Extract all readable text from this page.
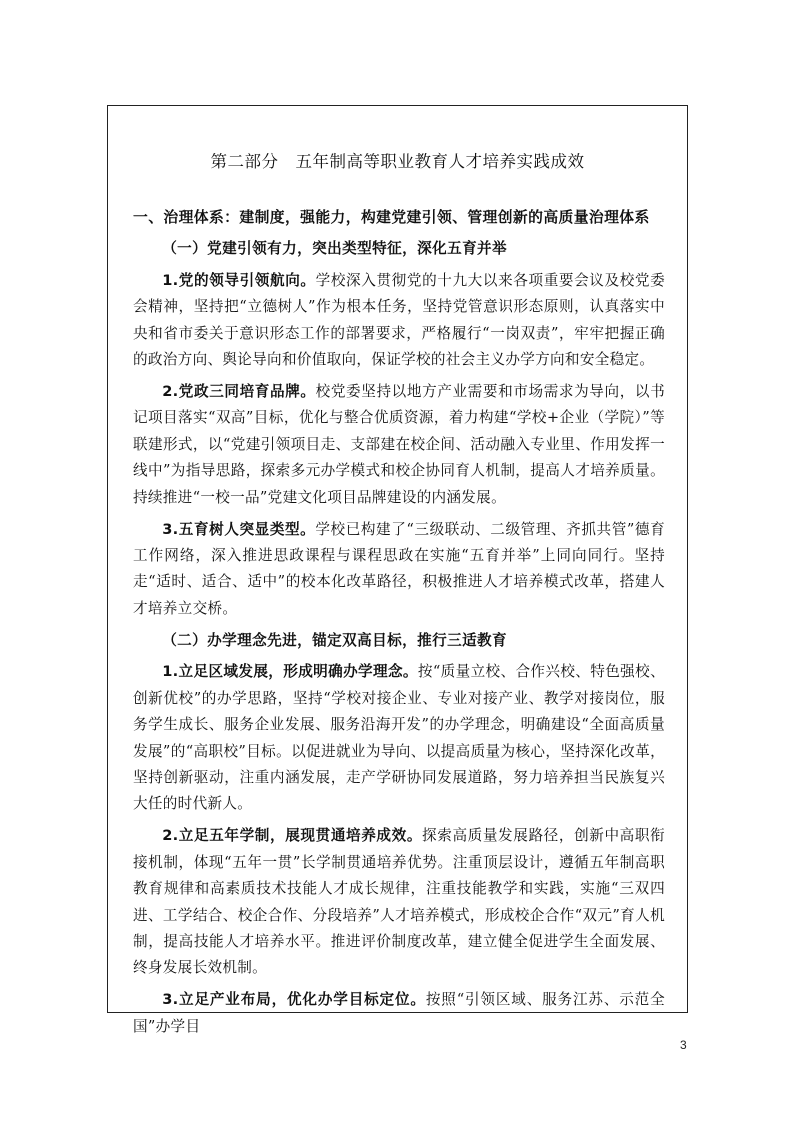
第二部分　五年制高等职业教育人才培养实践成效
一、治理体系：建制度，强能力，构建党建引领、管理创新的高质量治理体系
（一）党建引领有力，突出类型特征，深化五育并举

1.党的领导引领航向。学校深入贯彻党的十九大以来各项重要会议及校党委会精神，坚持把“立德树人”作为根本任务，坚持党管意识形态原则，认真落实中央和省市委关于意识形态工作的部署要求，严格履行“一岗双责”，牢牢把握正确的政治方向、舆论导向和价值取向，保证学校的社会主义办学方向和安全稳定。

2.党政三同培育品牌。校党委坚持以地方产业需要和市场需求为导向，以书记项目落实“双高”目标，优化与整合优质资源，着力构建“学校+企业（学院）”等联建形式，以“党建引领项目走、支部建在校企间、活动融入专业里、作用发挥一线中”为指导思路，探索多元办学模式和校企协同育人机制，提高人才培养质量。持续推进“一校一品”党建文化项目品牌建设的内涵发展。

3.五育树人突显类型。学校已构建了“三级联动、二级管理、齐抓共管”德育工作网络，深入推进思政课程与课程思政在实施“五育并举”上同向同行。坚持走“适时、适合、适中”的校本化改革路径，积极推进人才培养模式改革，搭建人才培养立交桥。

（二）办学理念先进，锚定双高目标，推行三适教育

1.立足区域发展，形成明确办学理念。按“质量立校、合作兴校、特色强校、创新优校”的办学思路，坚持“学校对接企业、专业对接产业、教学对接岗位，服务学生成长、服务企业发展、服务沿海开发”的办学理念，明确建设“全面高质量发展”的“高职校”目标。以促进就业为导向、以提高质量为核心，坚持深化改革，坚持创新驱动，注重内涵发展，走产学研协同发展道路，努力培养担当民族复兴大任的时代新人。

2.立足五年学制，展现贯通培养成效。探索高质量发展路径，创新中高职衔接机制，体现“五年一贯”长学制贯通培养优势。注重顶层设计，遵循五年制高职教育规律和高素质技术技能人才成长规律，注重技能教学和实践，实施“三双四进、工学结合、校企合作、分段培养”人才培养模式，形成校企合作“双元”育人机制，提高技能人才培养水平。推进评价制度改革，建立健全促进学生全面发展、终身发展长效机制。

3.立足产业布局，优化办学目标定位。按照“引领区域、服务江苏、示范全国”办学目

3
